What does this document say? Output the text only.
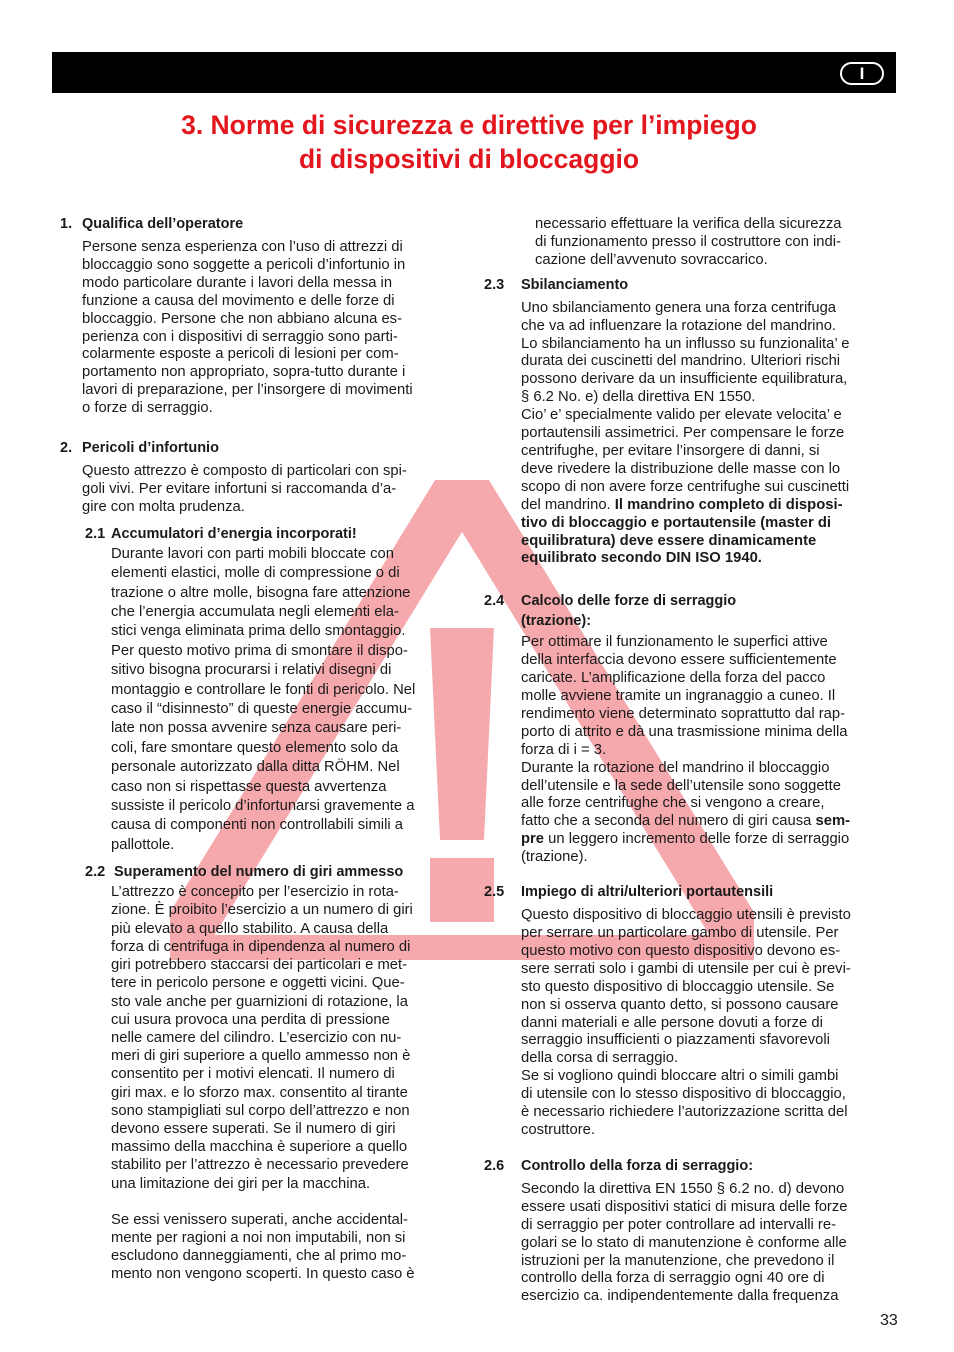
I
3. Norme di sicurezza e direttive per l’impiego
di dispositivi di bloccaggio
1. Qualifica dell’operatore
Persone senza esperienza con l’uso di attrezzi di
bloccaggio sono soggette a pericoli d’infortunio in
modo particolare durante i lavori della messa in
funzione a causa del movimento e delle forze di
bloccaggio. Persone che non abbiano alcuna es-
perienza con i dispositivi di serraggio sono parti-
colarmente esposte a pericoli di lesioni per com-
portamento non appropriato, sopra-tutto durante i
lavori di preparazione, per l’insorgere di movimenti
o forze di serraggio.
2. Pericoli d’infortunio
Questo attrezzo è composto di particolari con spi-
goli vivi. Per evitare infortuni si raccomanda d’a-
gire con molta prudenza.
2.1 Accumulatori d’energia incorporati!
Durante lavori con parti mobili bloccate con
elementi elastici, molle di compressione o di
trazione o altre molle, bisogna fare attenzione
che l’energia accumulata negli elementi ela-
stici venga eliminata prima dello smontaggio.
Per questo motivo prima di smontare il dispo-
sitivo bisogna procurarsi i relativi disegni di
montaggio e controllare le fonti di pericolo. Nel
caso il “disinnesto” di queste energie accumu-
late non possa avvenire senza causare peri-
coli, fare smontare questo elemento solo da
personale autorizzato dalla ditta RÖHM. Nel
caso non si rispettasse questa avvertenza
sussiste il pericolo d’infortunarsi gravemente a
causa di componenti non controllabili simili a
pallottole.
2.2 Superamento del numero di giri ammesso
L’attrezzo è concepito per l’esercizio in rota-
zione. È proibito l’esercizio a un numero di giri
più elevato a quello stabilito. A causa della
forza di centrifuga in dipendenza al numero di
giri potrebbero staccarsi dei particolari e met-
tere in pericolo persone e oggetti vicini. Que-
sto vale anche per guarnizioni di rotazione, la
cui usura provoca una perdita di pressione
nelle camere del cilindro. L’esercizio con nu-
meri di giri superiore a quello ammesso non è
consentito per i motivi elencati. Il numero di
giri max. e lo sforzo max. consentito al tirante
sono stampigliati sul corpo dell’attrezzo e non
devono essere superati. Se il numero di giri
massimo della macchina è superiore a quello
stabilito per l’attrezzo è necessario prevedere
una limitazione dei giri per la macchina.
Se essi venissero superati, anche accidental-
mente per ragioni a noi non imputabili, non si
escludono danneggiamenti, che al primo mo-
mento non vengono scoperti. In questo caso è
necessario effettuare la verifica della sicurezza
di funzionamento presso il costruttore con indi-
cazione dell’avvenuto sovraccarico.
2.3 Sbilanciamento
Uno sbilanciamento genera una forza centrifuga
che va ad influenzare la rotazione del mandrino.
Lo sbilanciamento ha un influsso su funzionalita’ e
durata dei cuscinetti del mandrino. Ulteriori rischi
possono derivare da un insufficiente equilibratura,
§ 6.2 No. e) della direttiva EN 1550.
Cio’ e’ specialmente valido per elevate velocita’ e
portautensili assimetrici. Per compensare le forze
centrifughe, per evitare l’insorgere di danni, si
deve rivedere la distribuzione delle masse con lo
scopo di non avere forze centrifughe sui cuscinetti
del mandrino. Il mandrino completo di disposi-
tivo di bloccaggio e portautensile (master di
equilibratura) deve essere dinamicamente
equilibrato secondo DIN ISO 1940.
2.4 Calcolo delle forze di serraggio
(trazione):
Per ottimare il funzionamento le superfici attive
della interfaccia devono essere sufficientemente
caricate. L’amplificazione della forza del pacco
molle avviene tramite un ingranaggio a cuneo. Il
rendimento viene determinato soprattutto dal rap-
porto di attrito e dà una trasmissione minima della
forza di i = 3.
Durante la rotazione del mandrino il bloccaggio
dell’utensile e la sede dell’utensile sono soggette
alle forze centrifughe che si vengono a creare,
fatto che a seconda del numero di giri causa sem-
pre un leggero incremento delle forze di serraggio
(trazione).
2.5 Impiego di altri/ulteriori portautensili
Questo dispositivo di bloccaggio utensili è previsto
per serrare un particolare gambo di utensile. Per
questo motivo con questo dispositivo devono es-
sere serrati solo i gambi di utensile per cui è previ-
sto questo dispositivo di bloccaggio utensile. Se
non si osserva quanto detto, si possono causare
danni materiali e alle persone dovuti a forze di
serraggio insufficienti o piazzamenti sfavorevoli
della corsa di serraggio.
Se si vogliono quindi bloccare altri o simili gambi
di utensile con lo stesso dispositivo di bloccaggio,
è necessario richiedere l’autorizzazione scritta del
costruttore.
2.6 Controllo della forza di serraggio:
Secondo la direttiva EN 1550 § 6.2 no. d) devono
essere usati dispositivi statici di misura delle forze
di serraggio per poter controllare ad intervalli re-
golari se lo stato di manutenzione è conforme alle
istruzioni per la manutenzione, che prevedono il
controllo della forza di serraggio ogni 40 ore di
esercizio ca. indipendentemente dalla frequenza
33
